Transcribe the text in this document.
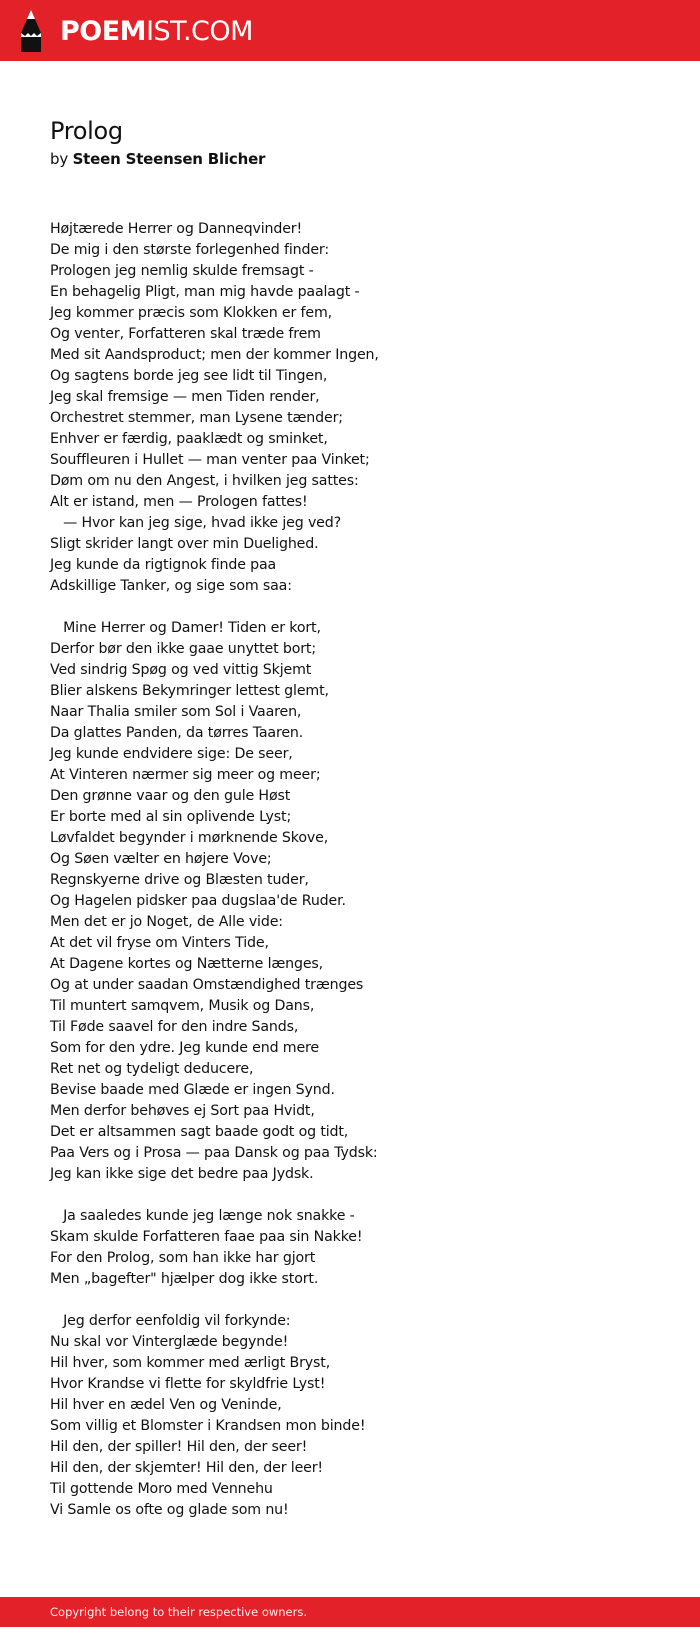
POEMIST.COM
Prolog
by Steen Steensen Blicher
Højtærede Herrer og Danneqvinder!
De mig i den største forlegenhed finder:
Prologen jeg nemlig skulde fremsagt -
En behagelig Pligt, man mig havde paalagt -
Jeg kommer præcis som Klokken er fem,
Og venter, Forfatteren skal træde frem
Med sit Aandsproduct; men der kommer Ingen,
Og sagtens borde jeg see lidt til Tingen,
Jeg skal fremsige — men Tiden render,
Orchestret stemmer, man Lysene tænder;
Enhver er færdig, paaklædt og sminket,
Souffleuren i Hullet — man venter paa Vinket;
Døm om nu den Angest, i hvilken jeg sattes:
Alt er istand, men — Prologen fattes!
— Hvor kan jeg sige, hvad ikke jeg ved?
Sligt skrider langt over min Duelighed.
Jeg kunde da rigtignok finde paa
Adskillige Tanker, og sige som saa:
Mine Herrer og Damer! Tiden er kort,
Derfor bør den ikke gaae unyttet bort;
Ved sindrig Spøg og ved vittig Skjemt
Blier alskens Bekymringer lettest glemt,
Naar Thalia smiler som Sol i Vaaren,
Da glattes Panden, da tørres Taaren.
Jeg kunde endvidere sige: De seer,
At Vinteren nærmer sig meer og meer;
Den grønne vaar og den gule Høst
Er borte med al sin oplivende Lyst;
Løvfaldet begynder i mørknende Skove,
Og Søen vælter en højere Vove;
Regnskyerne drive og Blæsten tuder,
Og Hagelen pidsker paa dugslaa'de Ruder.
Men det er jo Noget, de Alle vide:
At det vil fryse om Vinters Tide,
At Dagene kortes og Nætterne længes,
Og at under saadan Omstændighed trænges
Til muntert samqvem, Musik og Dans,
Til Føde saavel for den indre Sands,
Som for den ydre. Jeg kunde end mere
Ret net og tydeligt deducere,
Bevise baade med Glæde er ingen Synd.
Men derfor behøves ej Sort paa Hvidt,
Det er altsammen sagt baade godt og tidt,
Paa Vers og i Prosa — paa Dansk og paa Tydsk:
Jeg kan ikke sige det bedre paa Jydsk.
Ja saaledes kunde jeg længe nok snakke -
Skam skulde Forfatteren faae paa sin Nakke!
For den Prolog, som han ikke har gjort
Men „bagefter" hjælper dog ikke stort.
Jeg derfor eenfoldig vil forkynde:
Nu skal vor Vinterglæde begynde!
Hil hver, som kommer med ærligt Bryst,
Hvor Krandse vi flette for skyldfrie Lyst!
Hil hver en ædel Ven og Veninde,
Som villig et Blomster i Krandsen mon binde!
Hil den, der spiller! Hil den, der seer!
Hil den, der skjemter! Hil den, der leer!
Til gottende Moro med Vennehu
Vi Samle os ofte og glade som nu!
Copyright belong to their respective owners.
